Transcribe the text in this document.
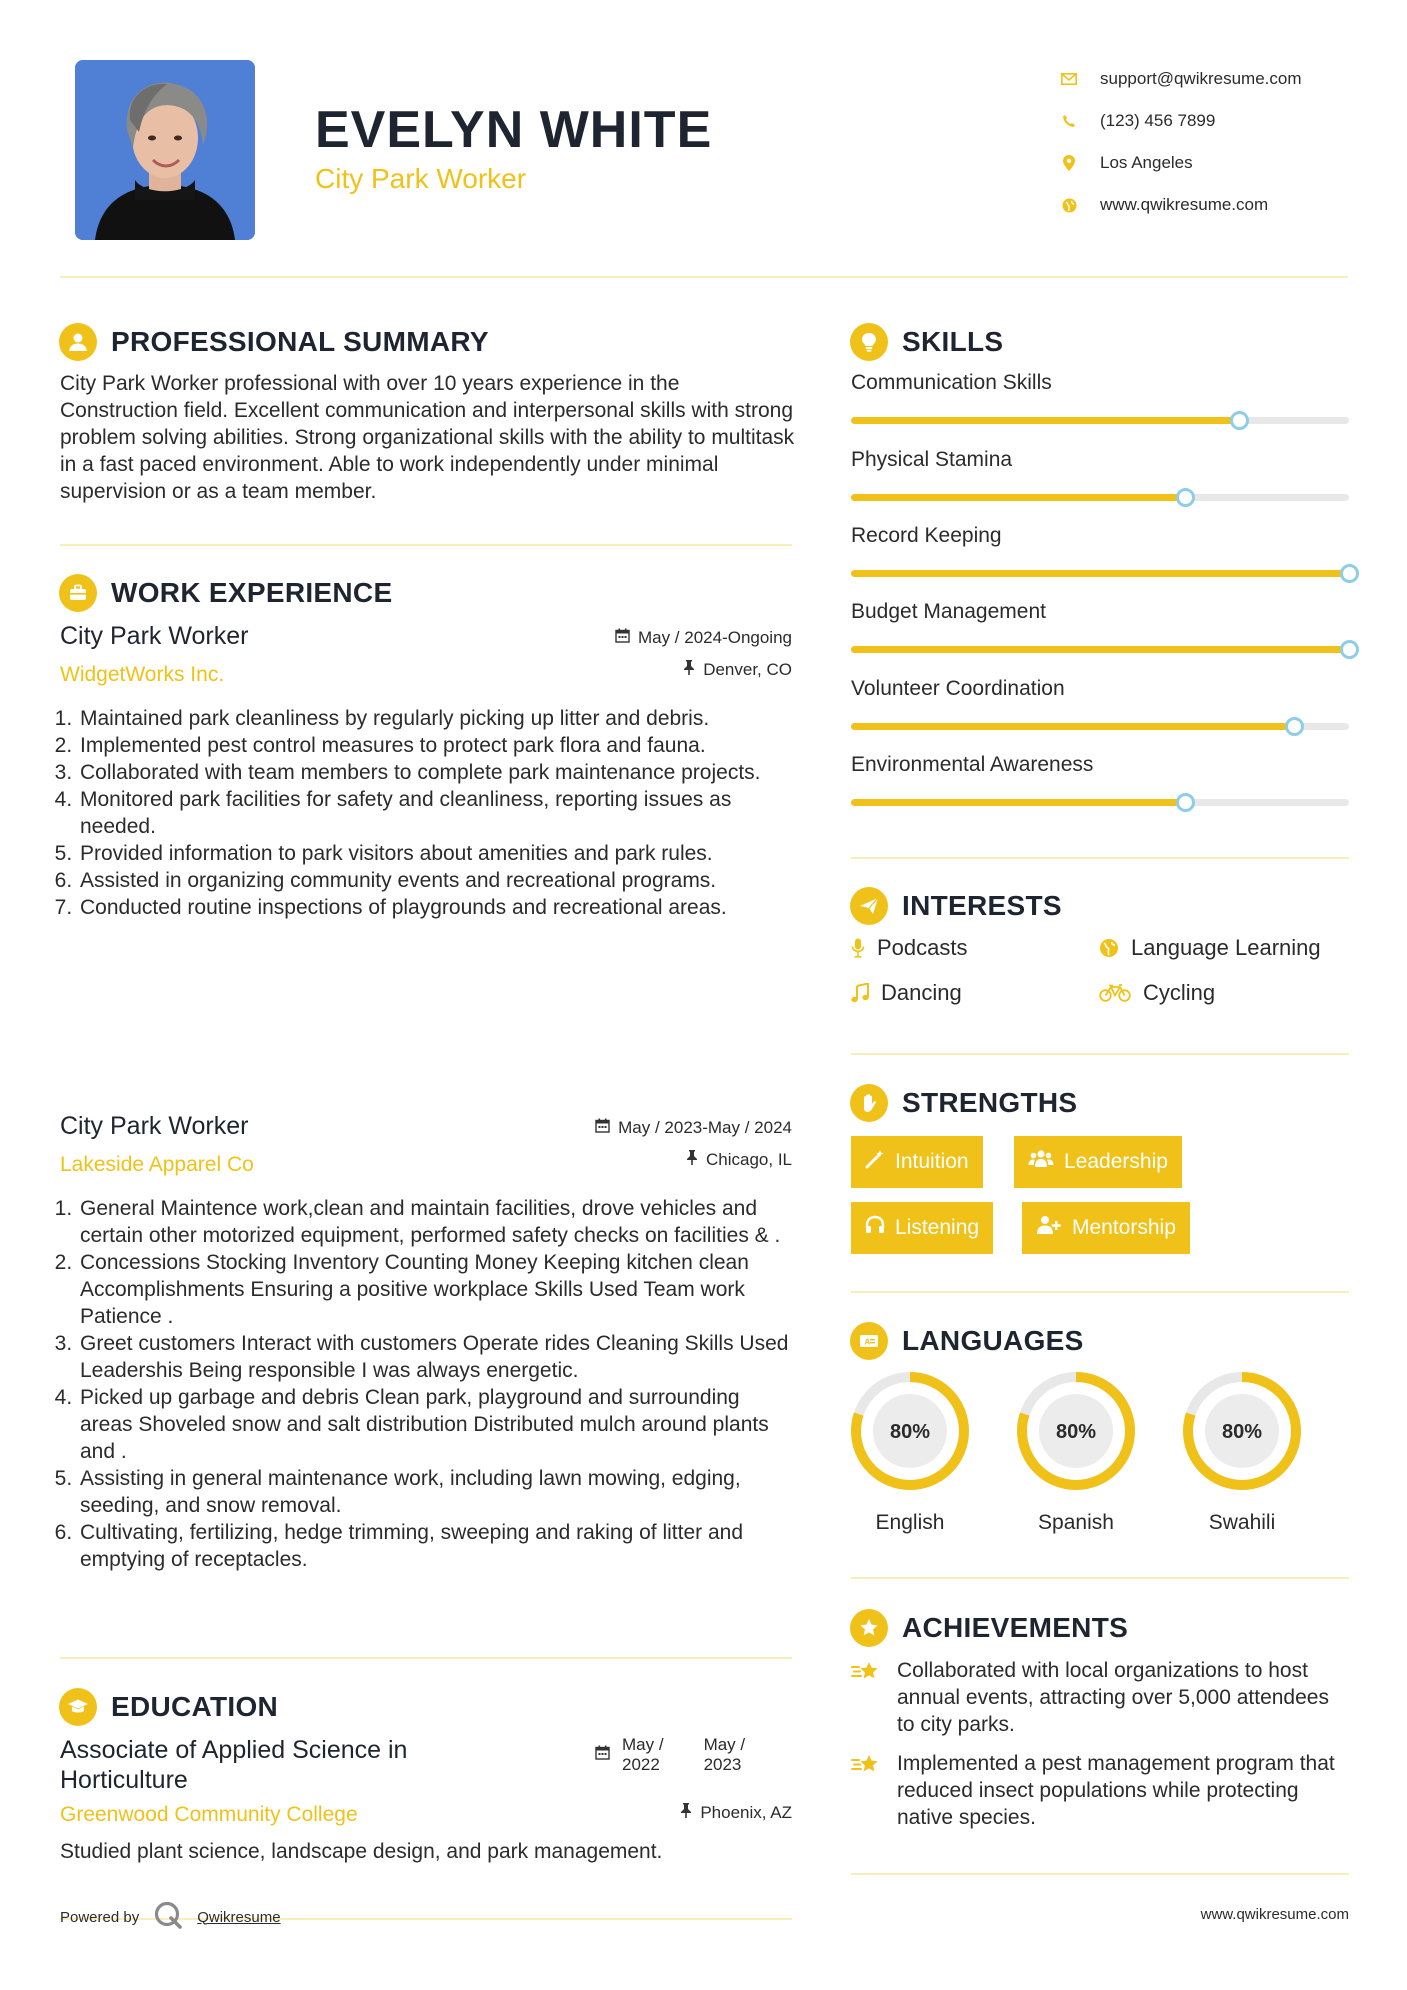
EVELYN WHITE
City Park Worker
support@qwikresume.com
(123) 456 7899
Los Angeles
www.qwikresume.com
PROFESSIONAL SUMMARY
City Park Worker professional with over 10 years experience in the Construction field. Excellent communication and interpersonal skills with strong problem solving abilities. Strong organizational skills with the ability to multitask in a fast paced environment. Able to work independently under minimal supervision or as a team member.
WORK EXPERIENCE
City Park Worker
WidgetWorks Inc.
May / 2024-Ongoing
Denver, CO
1. Maintained park cleanliness by regularly picking up litter and debris.
2. Implemented pest control measures to protect park flora and fauna.
3. Collaborated with team members to complete park maintenance projects.
4. Monitored park facilities for safety and cleanliness, reporting issues as needed.
5. Provided information to park visitors about amenities and park rules.
6. Assisted in organizing community events and recreational programs.
7. Conducted routine inspections of playgrounds and recreational areas.
City Park Worker
Lakeside Apparel Co
May / 2023-May / 2024
Chicago, IL
1. General Maintence work,clean and maintain facilities, drove vehicles and certain other motorized equipment, performed safety checks on facilities & .
2. Concessions Stocking Inventory Counting Money Keeping kitchen clean Accomplishments Ensuring a positive workplace Skills Used Team work Patience .
3. Greet customers Interact with customers Operate rides Cleaning Skills Used Leadershis Being responsible I was always energetic.
4. Picked up garbage and debris Clean park, playground and surrounding areas Shoveled snow and salt distribution Distributed mulch around plants and .
5. Assisting in general maintenance work, including lawn mowing, edging, seeding, and snow removal.
6. Cultivating, fertilizing, hedge trimming, sweeping and raking of litter and emptying of receptacles.
EDUCATION
Associate of Applied Science in Horticulture
May /
2022
May /
2023
Greenwood Community College	Phoenix, AZ
Studied plant science, landscape design, and park management.
SKILLS
Communication Skills
Physical Stamina
Record Keeping
Budget Management
Volunteer Coordination
Environmental Awareness
INTERESTS
Podcasts	Language Learning
Dancing	Cycling
STRENGTHS
Intuition	Leadership
Listening	Mentorship
A LANGUAGES
80%
English
80%
Spanish
80%
Swahili
ACHIEVEMENTS
Collaborated with local organizations to host annual events, attracting over 5,000 attendees to city parks.
Implemented a pest management program that reduced insect populations while protecting native species.
Powered by	Qwikresume	www.qwikresume.com
